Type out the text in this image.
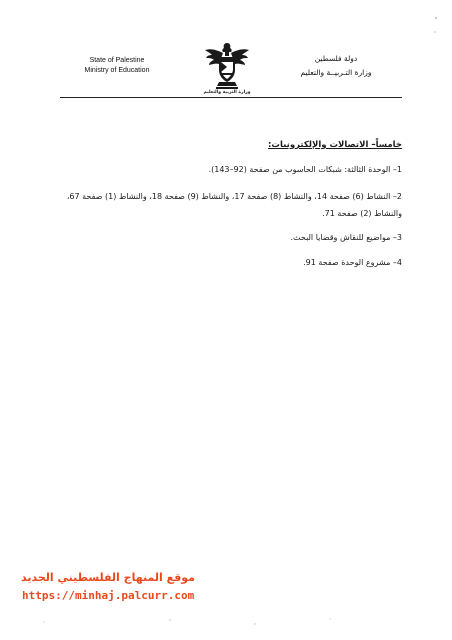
State of Palestine
Ministry of Education
وزارة التربية والتعليم
دولة فلسطين
وزارة التـربيــة والتعليم
خامساً– الاتصالات والإلكترونيات:
1– الوحدة الثالثة: شبكات الحاسوب من صفحة (92–143).
2– النشاط (6) صفحة 14، والنشاط (8) صفحة 17، والنشاط (9) صفحة 18، والنشاط (1) صفحة 67، والنشاط (2) صفحة 71.
3– مواضيع للنقاش وقضايا البحث.
4– مشروع الوحدة صفحة 91.
موقع المنهاج الفلسطيني الجديد
https://minhaj.palcurr.com
